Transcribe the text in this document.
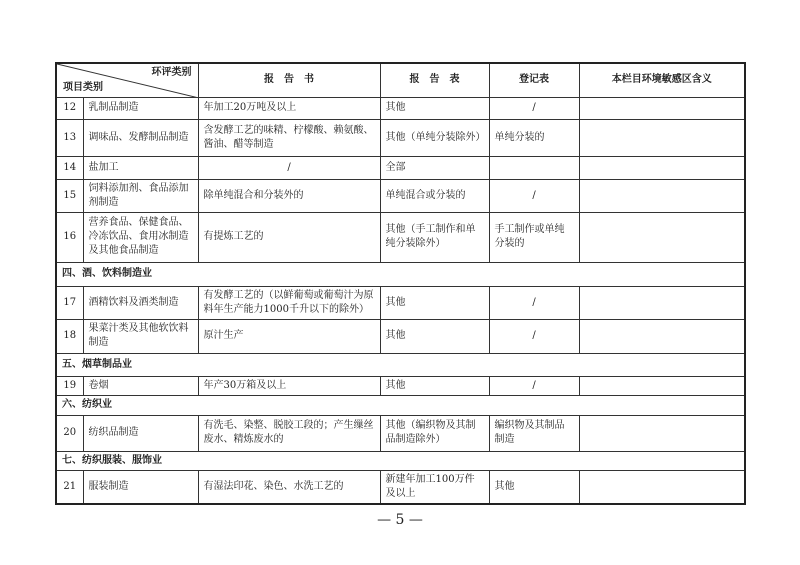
环评类别
项目类别		报　告　书	报　告　表	登记表	本栏目环境敏感区含义
12	乳制品制造	年加工20万吨及以上	其他	/	
13	调味品、发酵制品制造	含发酵工艺的味精、柠檬酸、赖氨酸、酱油、醋等制造	其他（单纯分装除外）	单纯分装的	
14	盐加工	/	全部		
15	饲料添加剂、食品添加剂制造	除单纯混合和分装外的	单纯混合或分装的	/	
16	营养食品、保健食品、冷冻饮品、食用冰制造及其他食品制造	有提炼工艺的	其他（手工制作和单纯分装除外）	手工制作或单纯分装的	
四、酒、饮料制造业					
17	酒精饮料及酒类制造	有发酵工艺的（以鲜葡萄或葡萄汁为原料年生产能力1000千升以下的除外）	其他	/	
18	果菜汁类及其他软饮料制造	原汁生产	其他	/	
五、烟草制品业					
19	卷烟	年产30万箱及以上	其他	/	
六、纺织业					
20	纺织品制造	有洗毛、染整、脱胶工段的；产生缫丝废水、精炼废水的	其他（编织物及其制品制造除外）	编织物及其制品制造	
七、纺织服装、服饰业					
21	服装制造	有湿法印花、染色、水洗工艺的	新建年加工100万件及以上	其他	
— 5 —
